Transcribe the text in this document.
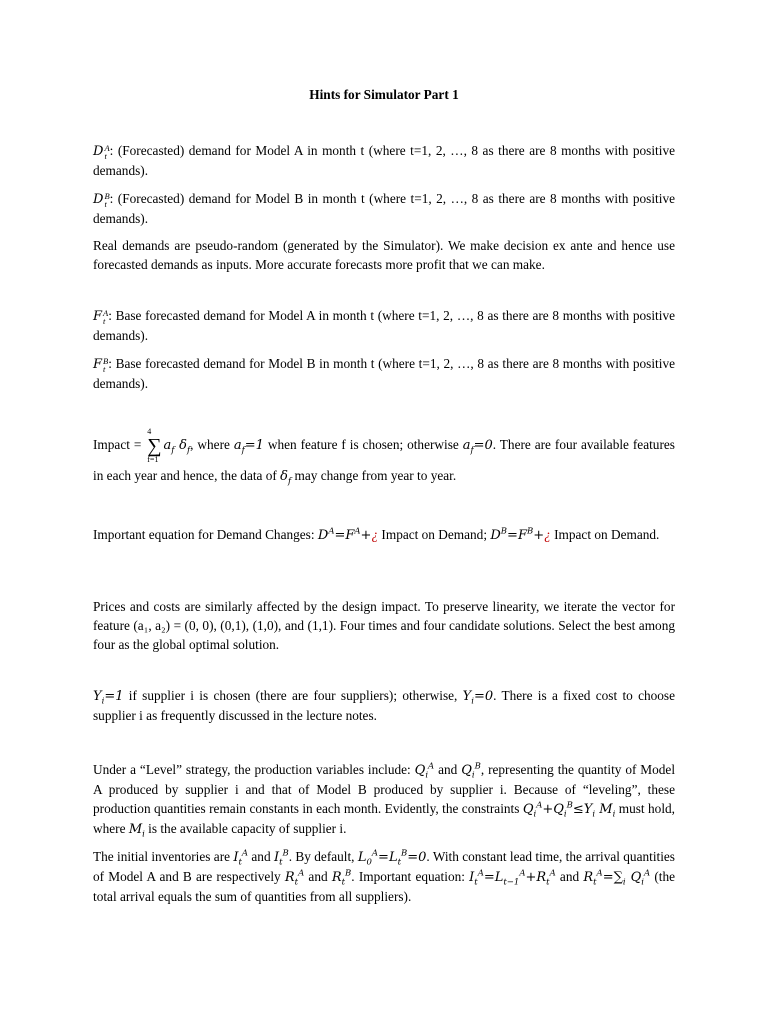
Hints for Simulator Part 1
D A
t : (Forecasted) demand for Model A in month t (where t=1, 2, …, 8 as there are 8 months with positive demands).
D B
t : (Forecasted) demand for Model B in month t (where t=1, 2, …, 8 as there are 8 months with positive demands).
Real demands are pseudo-random (generated by the Simulator). We make decision ex ante and hence use forecasted demands as inputs. More accurate forecasts more profit that we can make.
F A
t : Base forecasted demand for Model A in month t (where t=1, 2, …, 8 as there are 8 months with positive demands).
F B
t : Base forecasted demand for Model B in month t (where t=1, 2, …, 8 as there are 8 months with positive demands).
Impact =
4
∑
f=1
$a_f$ $\delta_f$, where $a_f=1$ when feature f is chosen; otherwise $a_f=0$. There are four available features in each year and hence, the data of $\delta_f$ may change from year to year.
Important equation for Demand Changes: $D^A=F^A+¿$ Impact on Demand; $D^B=F^B+¿$ Impact on Demand.
Prices and costs are similarly affected by the design impact. To preserve linearity, we iterate the vector for feature (a₁, a₂) = (0, 0), (0,1), (1,0), and (1,1). Four times and four candidate solutions. Select the best among four as the global optimal solution.
$Y_i=1$ if supplier i is chosen (there are four suppliers); otherwise, $Y_i=0$. There is a fixed cost to choose supplier i as frequently discussed in the lecture notes.
Under a “Level” strategy, the production variables include: $Q_i^A$ and $Q_i^B$, representing the quantity of Model A produced by supplier i and that of Model B produced by supplier i. Because of “leveling”, these production quantities remain constants in each month. Evidently, the constraints $Q_i^A+Q_i^B\le Y_i$ $M_i$ must hold, where $M_i$ is the available capacity of supplier i.
The initial inventories are $I_t^A$ and $I_t^B$. By default, $L_0^A=L_t^B=0$. With constant lead time, the arrival quantities of Model A and B are respectively $R_t^A$ and $R_t^B$. Important equation: $I_t^A=L_{t-1}^A+R_t^A$ and $R_t^A=\sum_i$ $Q_i^A$ (the total arrival equals the sum of quantities from all suppliers).
